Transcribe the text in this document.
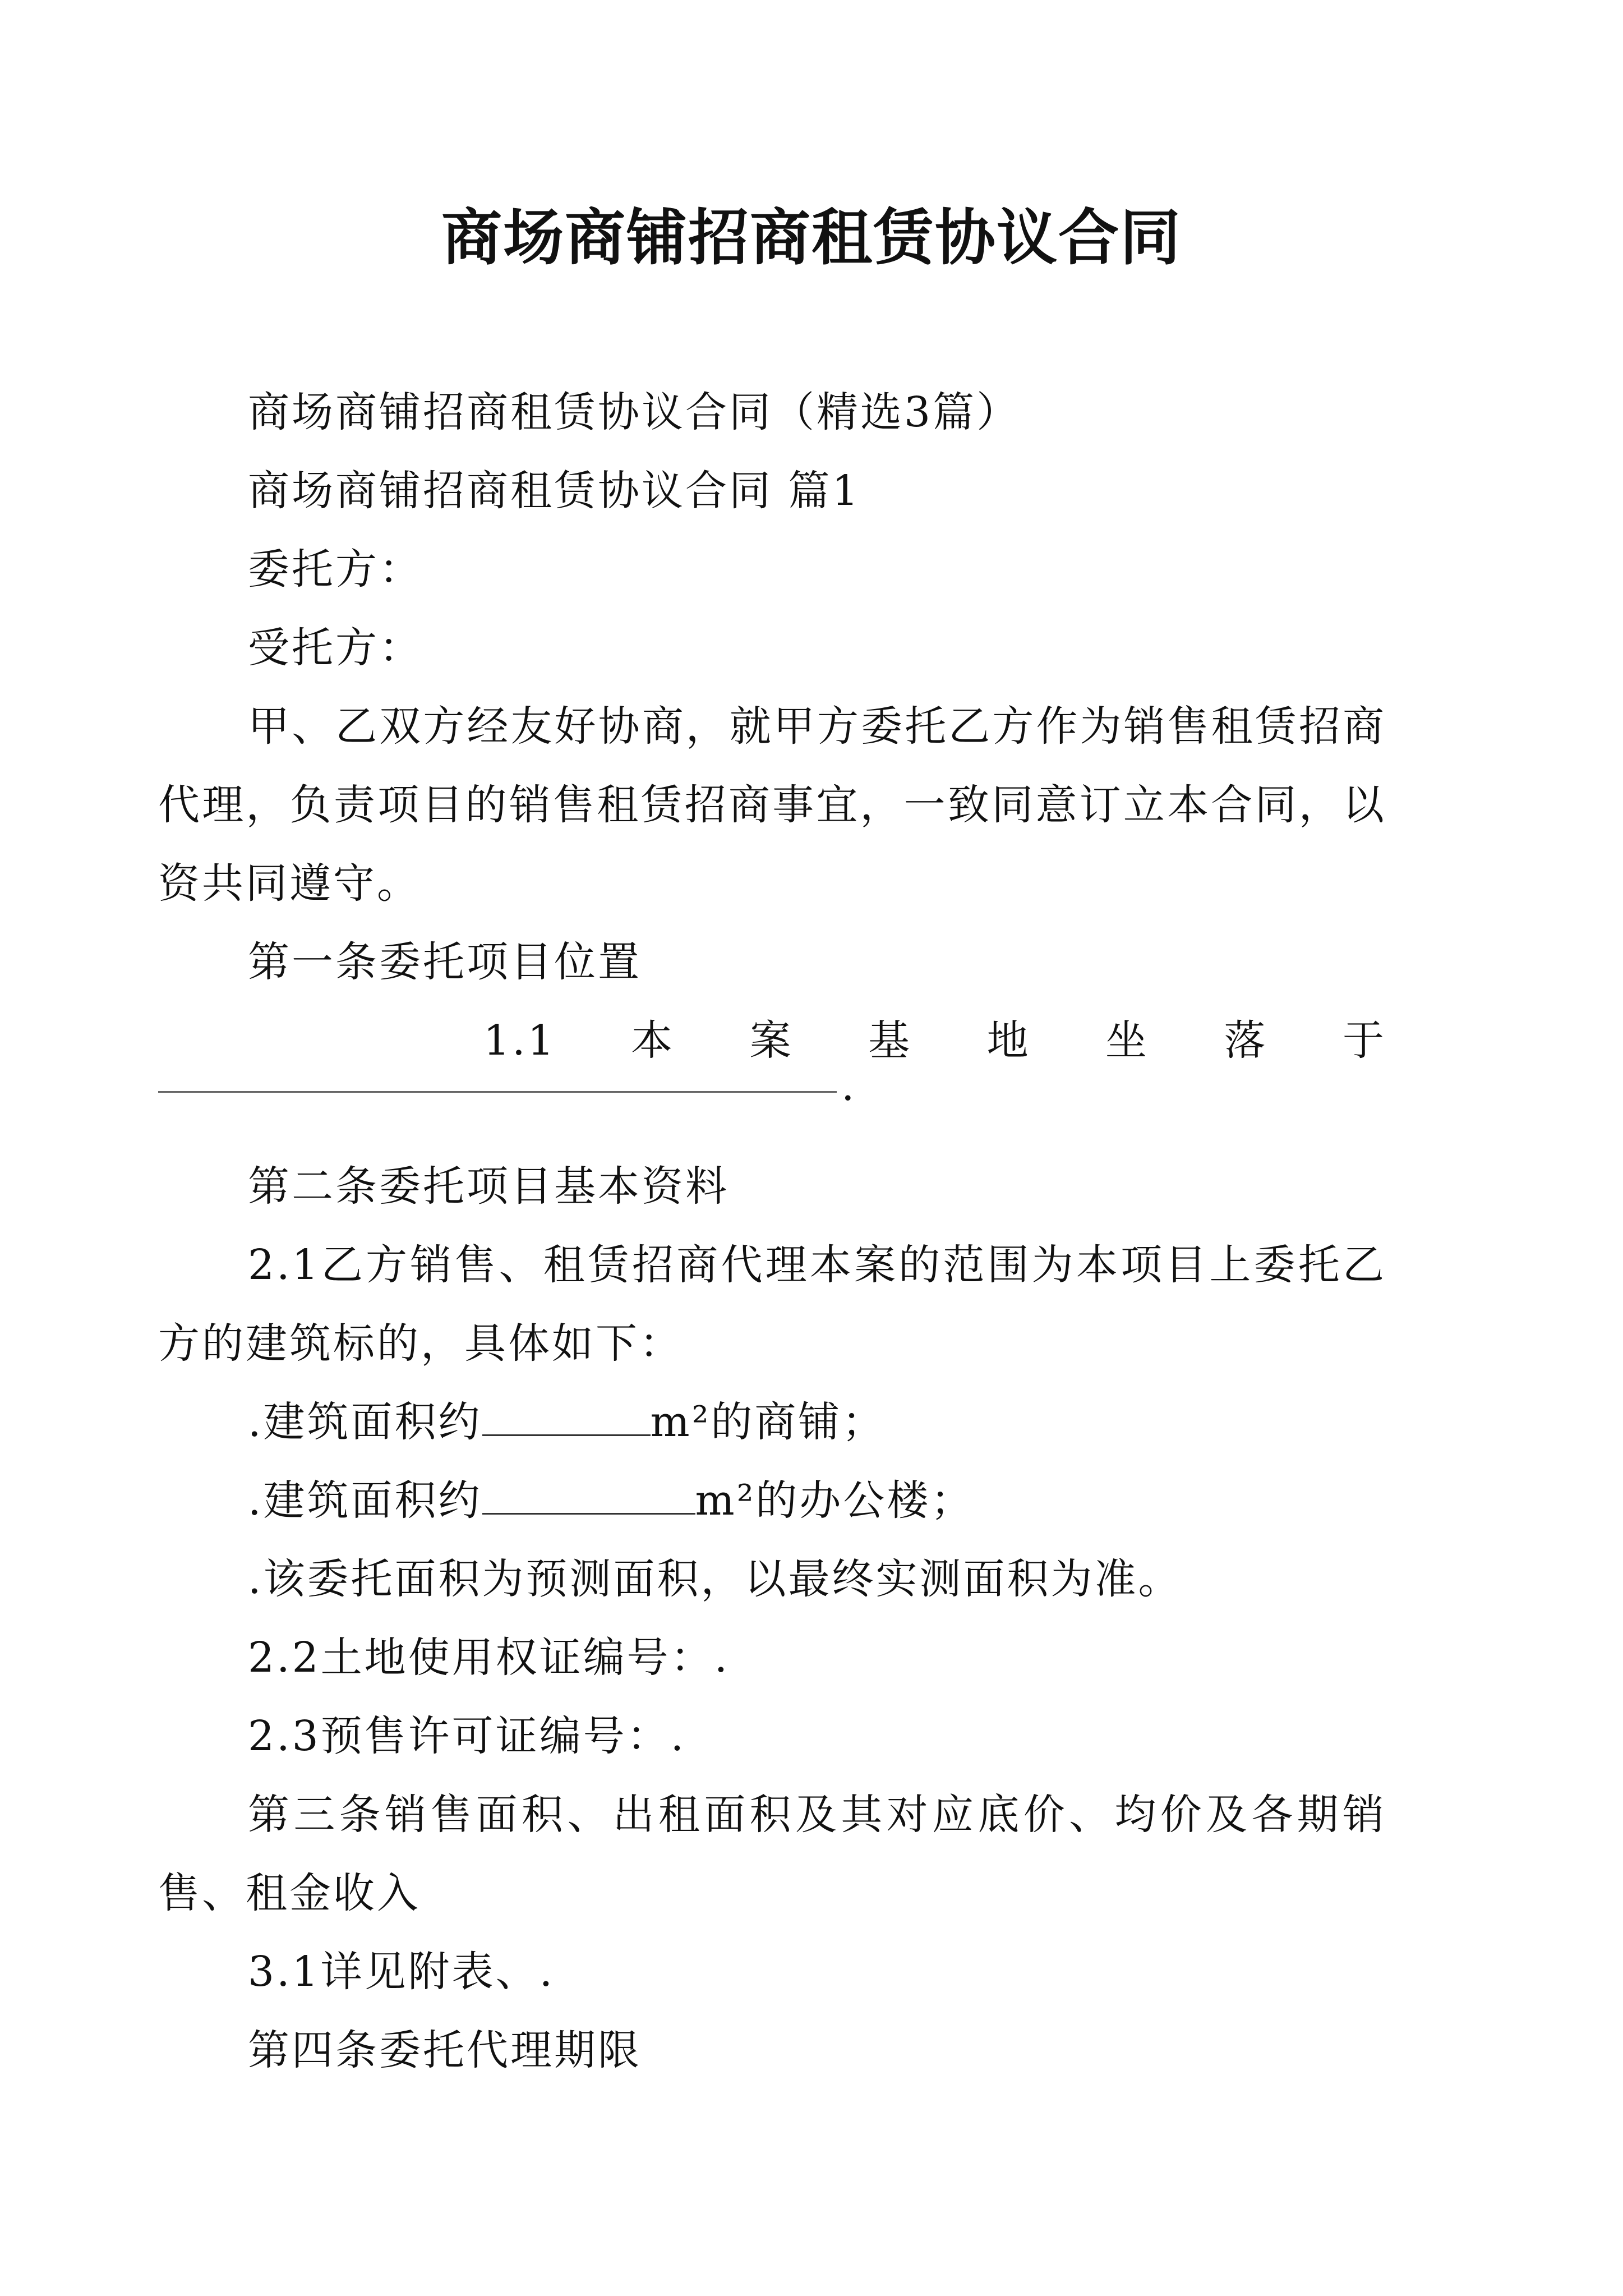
商场商铺招商租赁协议合同
商场商铺招商租赁协议合同（精选3篇）
商场商铺招商租赁协议合同 篇1
委托方：
受托方：
甲、乙双方经友好协商，就甲方委托乙方作为销售租赁招商代理，负责项目的销售租赁招商事宜，一致同意订立本合同，以资共同遵守。
第一条委托项目位置
1.1 本 案 基 地 坐 落 于
.
第二条委托项目基本资料
2.1乙方销售、租赁招商代理本案的范围为本项目上委托乙方的建筑标的，具体如下：
.建筑面积约	m²的商铺；
.建筑面积约	m²的办公楼；
.该委托面积为预测面积，以最终实测面积为准。
2.2土地使用权证编号：.
2.3预售许可证编号：.
第三条销售面积、出租面积及其对应底价、均价及各期销售、租金收入
3.1详见附表、.
第四条委托代理期限
